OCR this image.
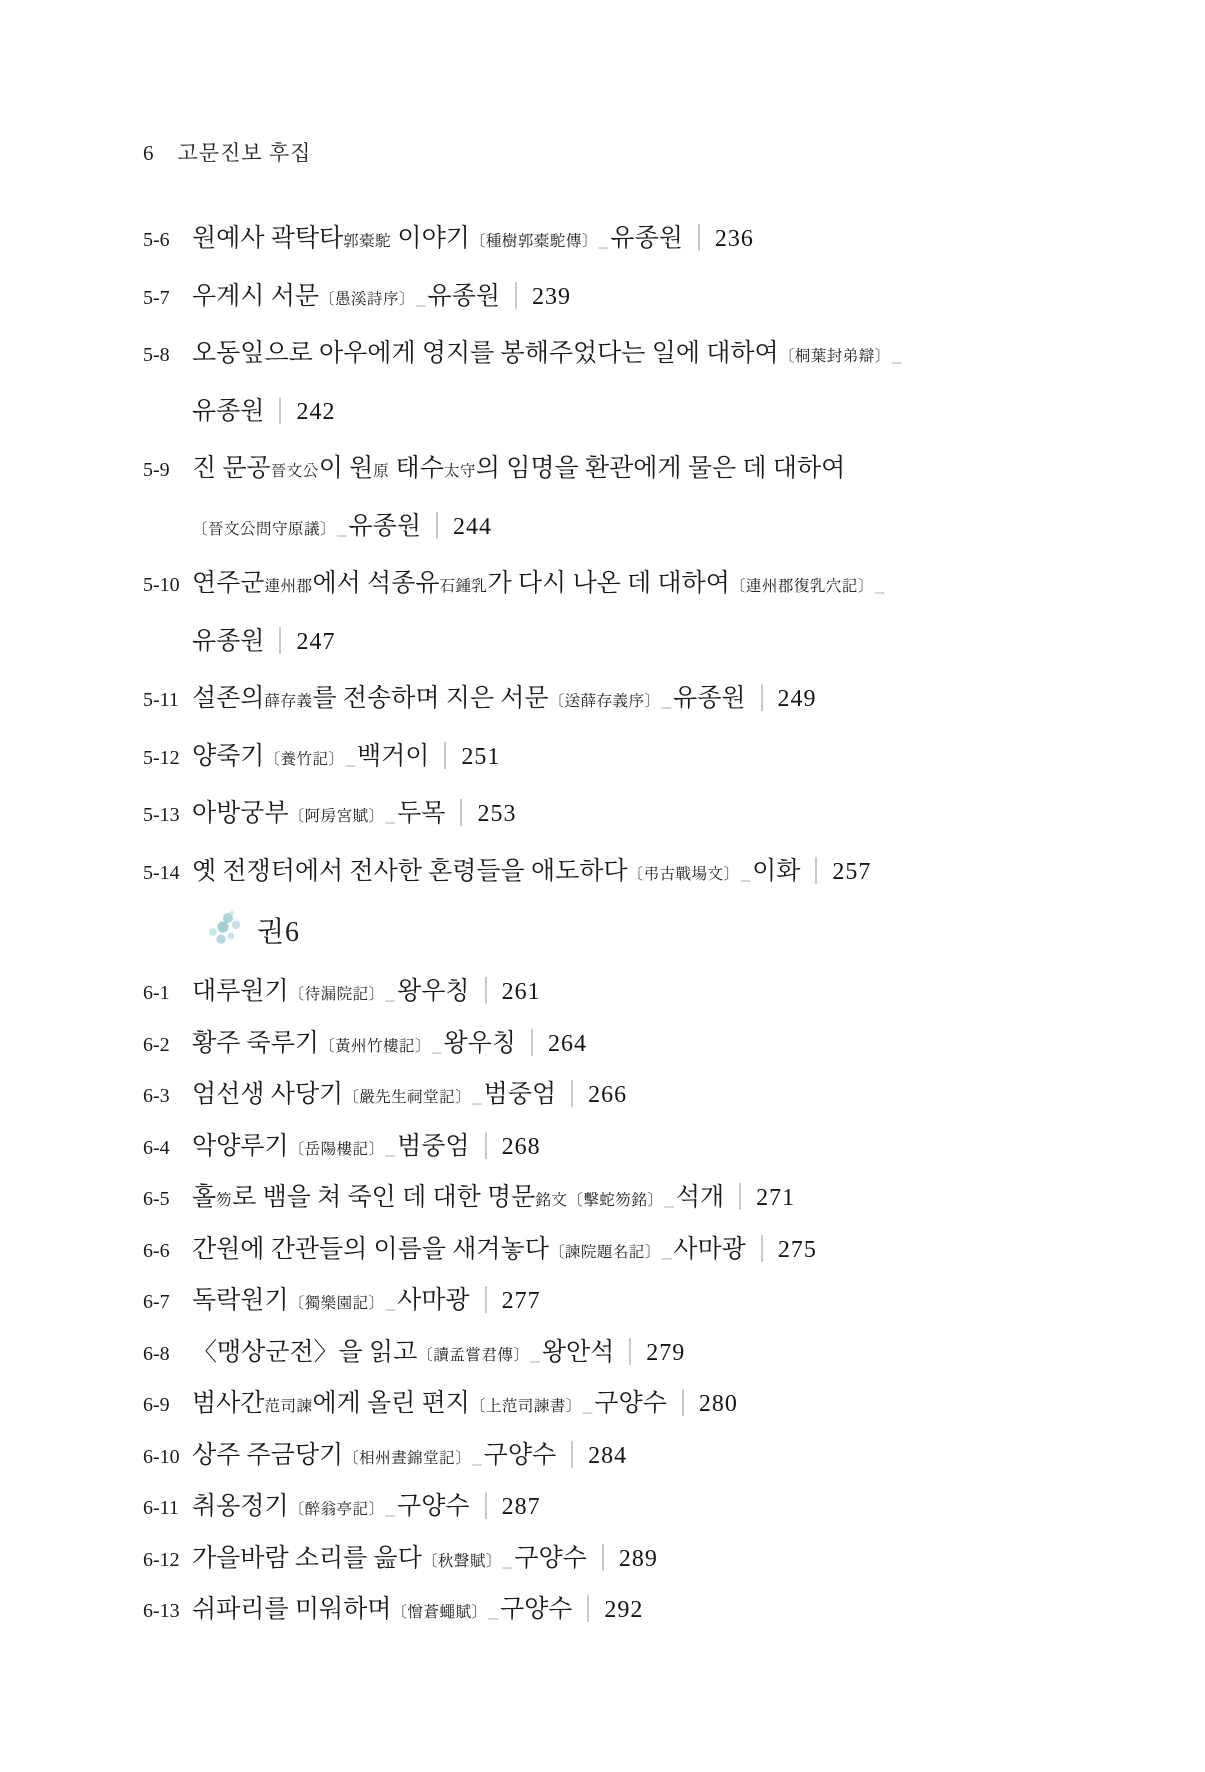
6 고문진보 후집
5-6 원예사 곽탁타郭橐駝 이야기〔種樹郭橐駝傳〕_유종원 236
5-7 우계시 서문〔愚溪詩序〕_유종원 239
5-8 오동잎으로 아우에게 영지를 봉해주었다는 일에 대하여〔桐葉封弟辯〕_
유종원 242
5-9 진 문공晉文公이 원原 태수太守의 임명을 환관에게 물은 데 대하여
〔晉文公問守原議〕_유종원 244
5-10 연주군連州郡에서 석종유石鍾乳가 다시 나온 데 대하여〔連州郡復乳穴記〕_
유종원 247
5-11 설존의薛存義를 전송하며 지은 서문〔送薛存義序〕_유종원 249
5-12 양죽기〔養竹記〕_백거이 251
5-13 아방궁부〔阿房宮賦〕_두목 253
5-14 옛 전쟁터에서 전사한 혼령들을 애도하다〔弔古戰場文〕_이화 257
권6
6-1 대루원기〔待漏院記〕_왕우칭 261
6-2 황주 죽루기〔黃州竹樓記〕_왕우칭 264
6-3 엄선생 사당기〔嚴先生祠堂記〕_범중엄 266
6-4 악양루기〔岳陽樓記〕_범중엄 268
6-5 홀笏로 뱀을 쳐 죽인 데 대한 명문銘文〔擊蛇笏銘〕_석개 271
6-6 간원에 간관들의 이름을 새겨놓다〔諫院題名記〕_사마광 275
6-7 독락원기〔獨樂園記〕_사마광 277
6-8 〈맹상군전〉을 읽고〔讀孟嘗君傳〕_왕안석 279
6-9 범사간范司諫에게 올린 편지〔上范司諫書〕_구양수 280
6-10 상주 주금당기〔相州晝錦堂記〕_구양수 284
6-11 취옹정기〔醉翁亭記〕_구양수 287
6-12 가을바람 소리를 읊다〔秋聲賦〕_구양수 289
6-13 쉬파리를 미워하며〔憎蒼蠅賦〕_구양수 292
